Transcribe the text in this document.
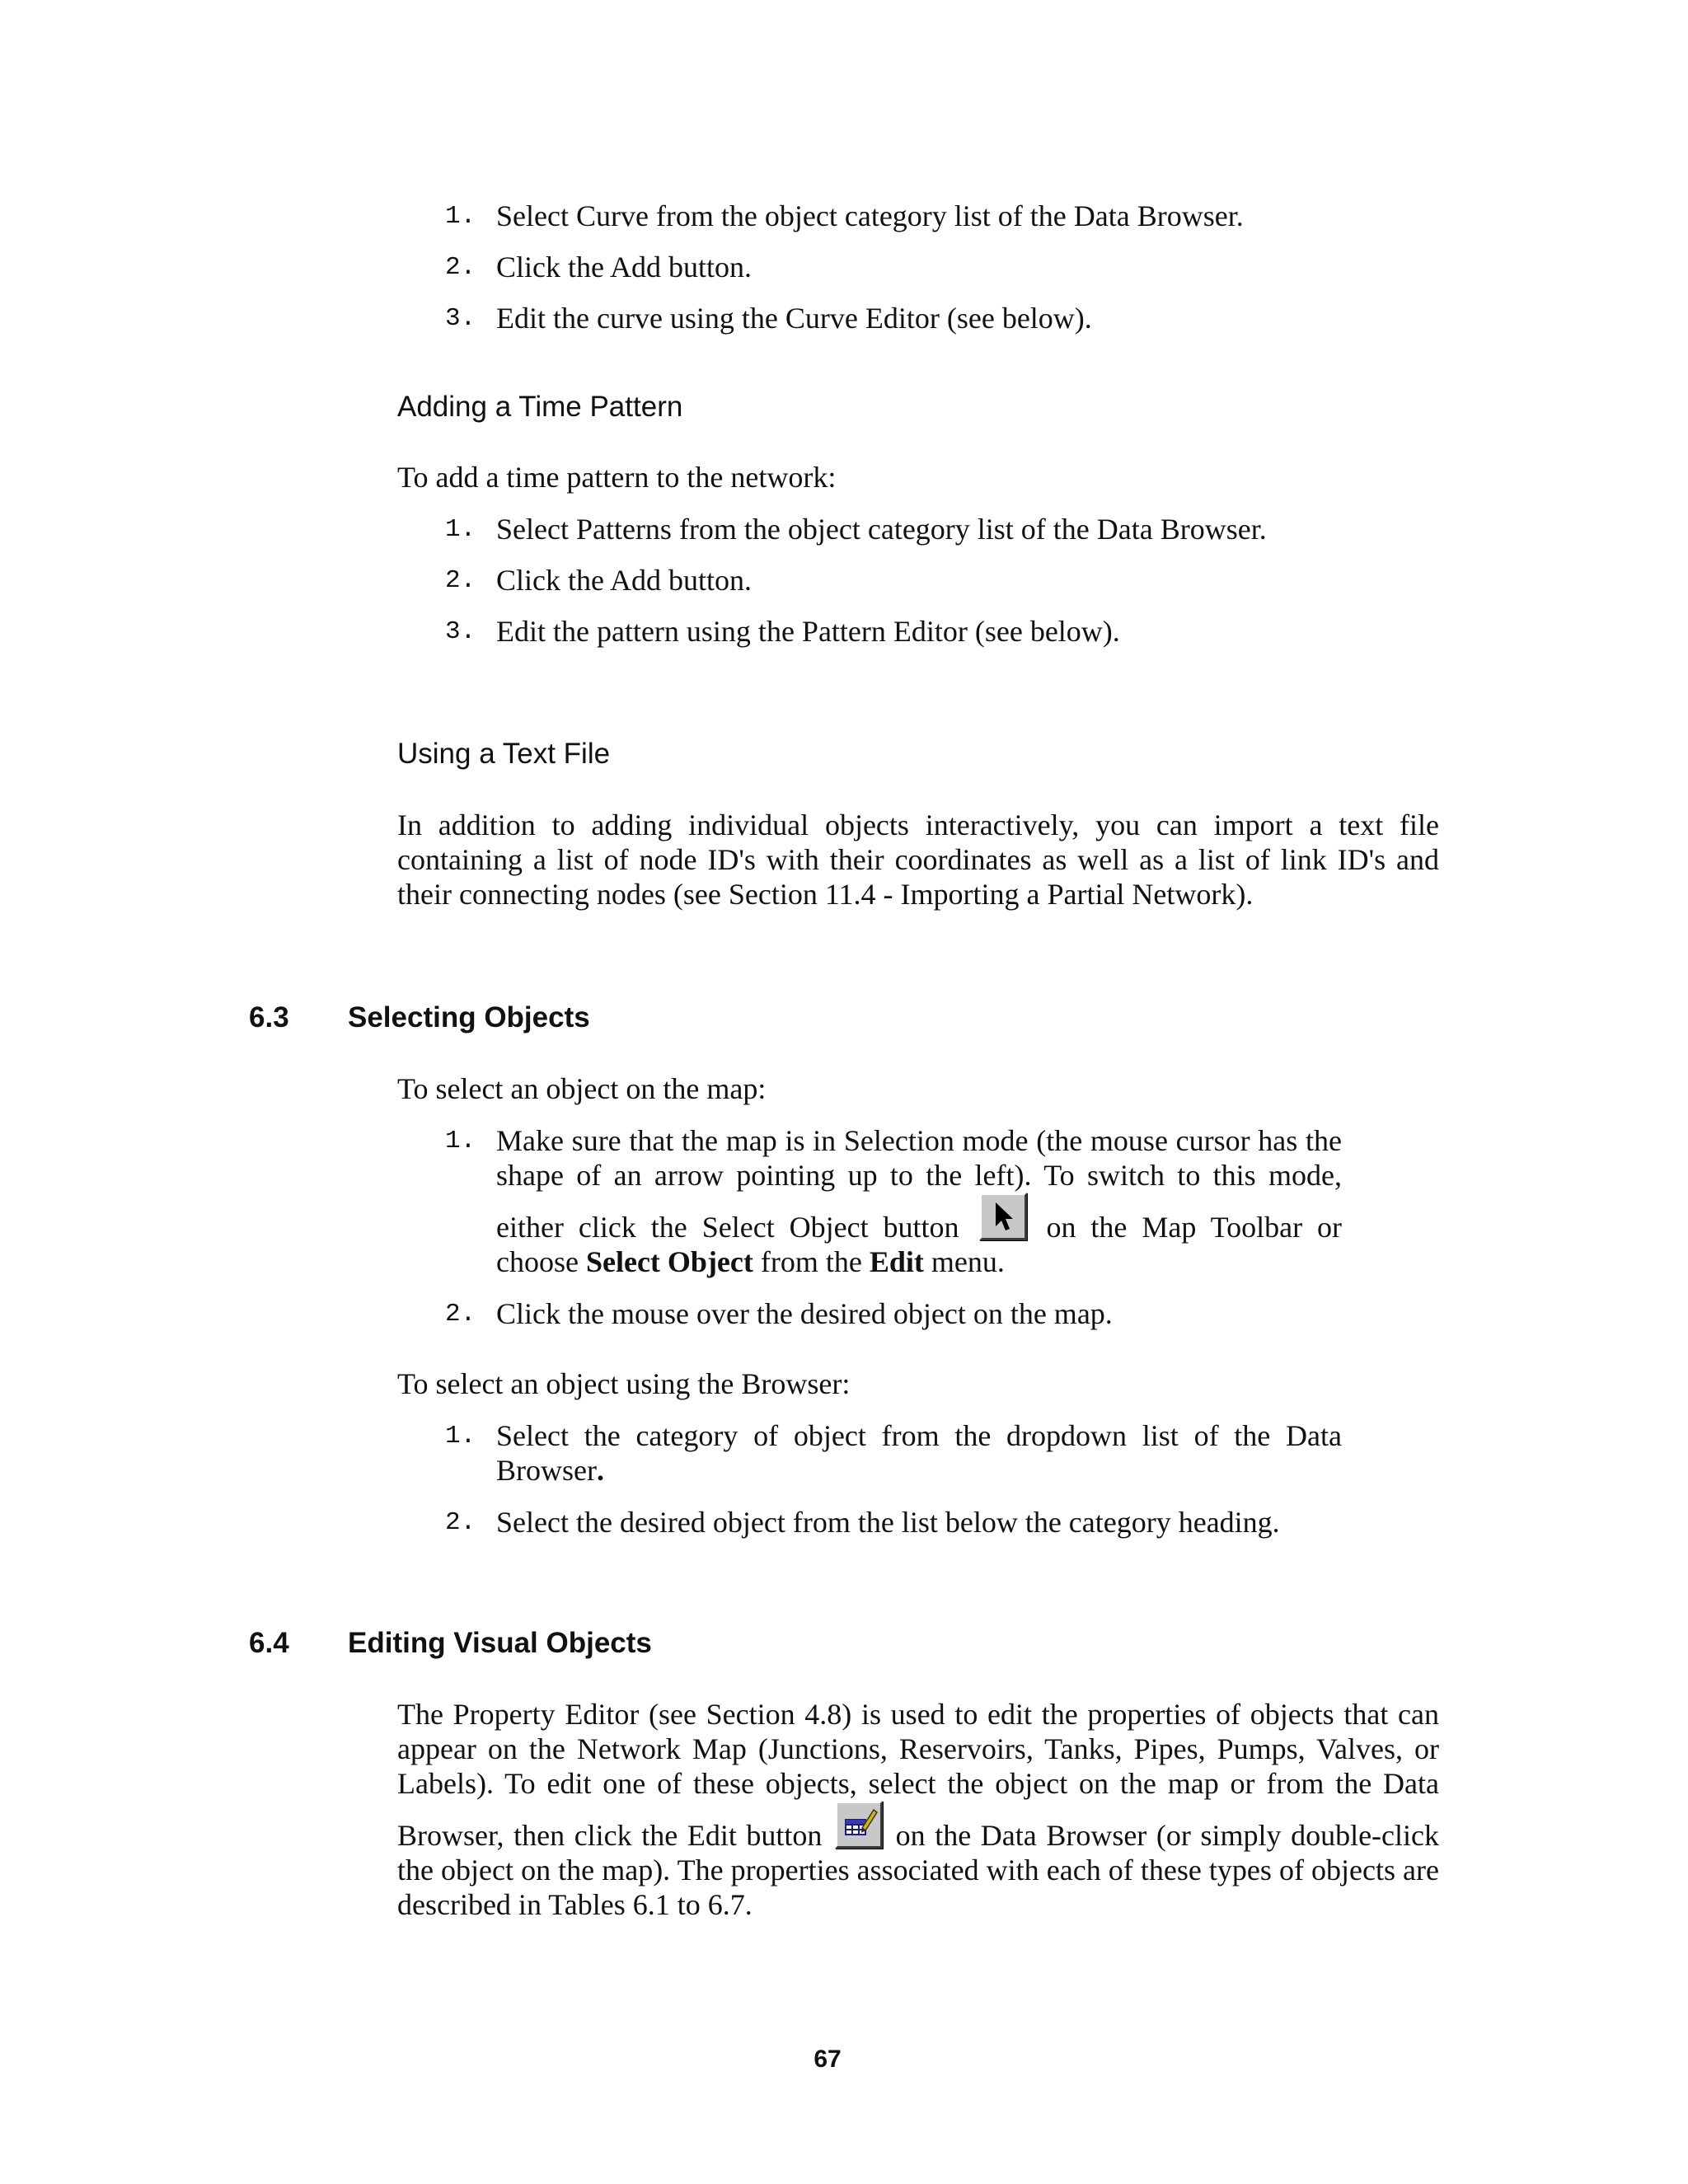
1. Select Curve from the object category list of the Data Browser.
2. Click the Add button.
3. Edit the curve using the Curve Editor (see below).
Adding a Time Pattern

To add a time pattern to the network:

1. Select Patterns from the object category list of the Data Browser.
2. Click the Add button.
3. Edit the pattern using the Pattern Editor (see below).
Using a Text File

In addition to adding individual objects interactively, you can import a text file containing a list of node ID's with their coordinates as well as a list of link ID's and their connecting nodes (see Section 11.4 - Importing a Partial Network).

6.3 Selecting Objects

To select an object on the map:

1. Make sure that the map is in Selection mode (the mouse cursor has the shape of an arrow pointing up to the left). To switch to this mode, either click the Select Object button	on the Map Toolbar or choose Select Object from the Edit menu.
2. Click the mouse over the desired object on the map.

To select an object using the Browser:

1. Select the category of object from the dropdown list of the Data Browser.
2. Select the desired object from the list below the category heading.
6.4 Editing Visual Objects

The Property Editor (see Section 4.8) is used to edit the properties of objects that can appear on the Network Map (Junctions, Reservoirs, Tanks, Pipes, Pumps, Valves, or Labels). To edit one of these objects, select the object on the map or from the Data Browser, then click the Edit button on the Data Browser (or simply double-click the object on the map). The properties associated with each of these types of objects are described in Tables 6.1 to 6.7.

67
